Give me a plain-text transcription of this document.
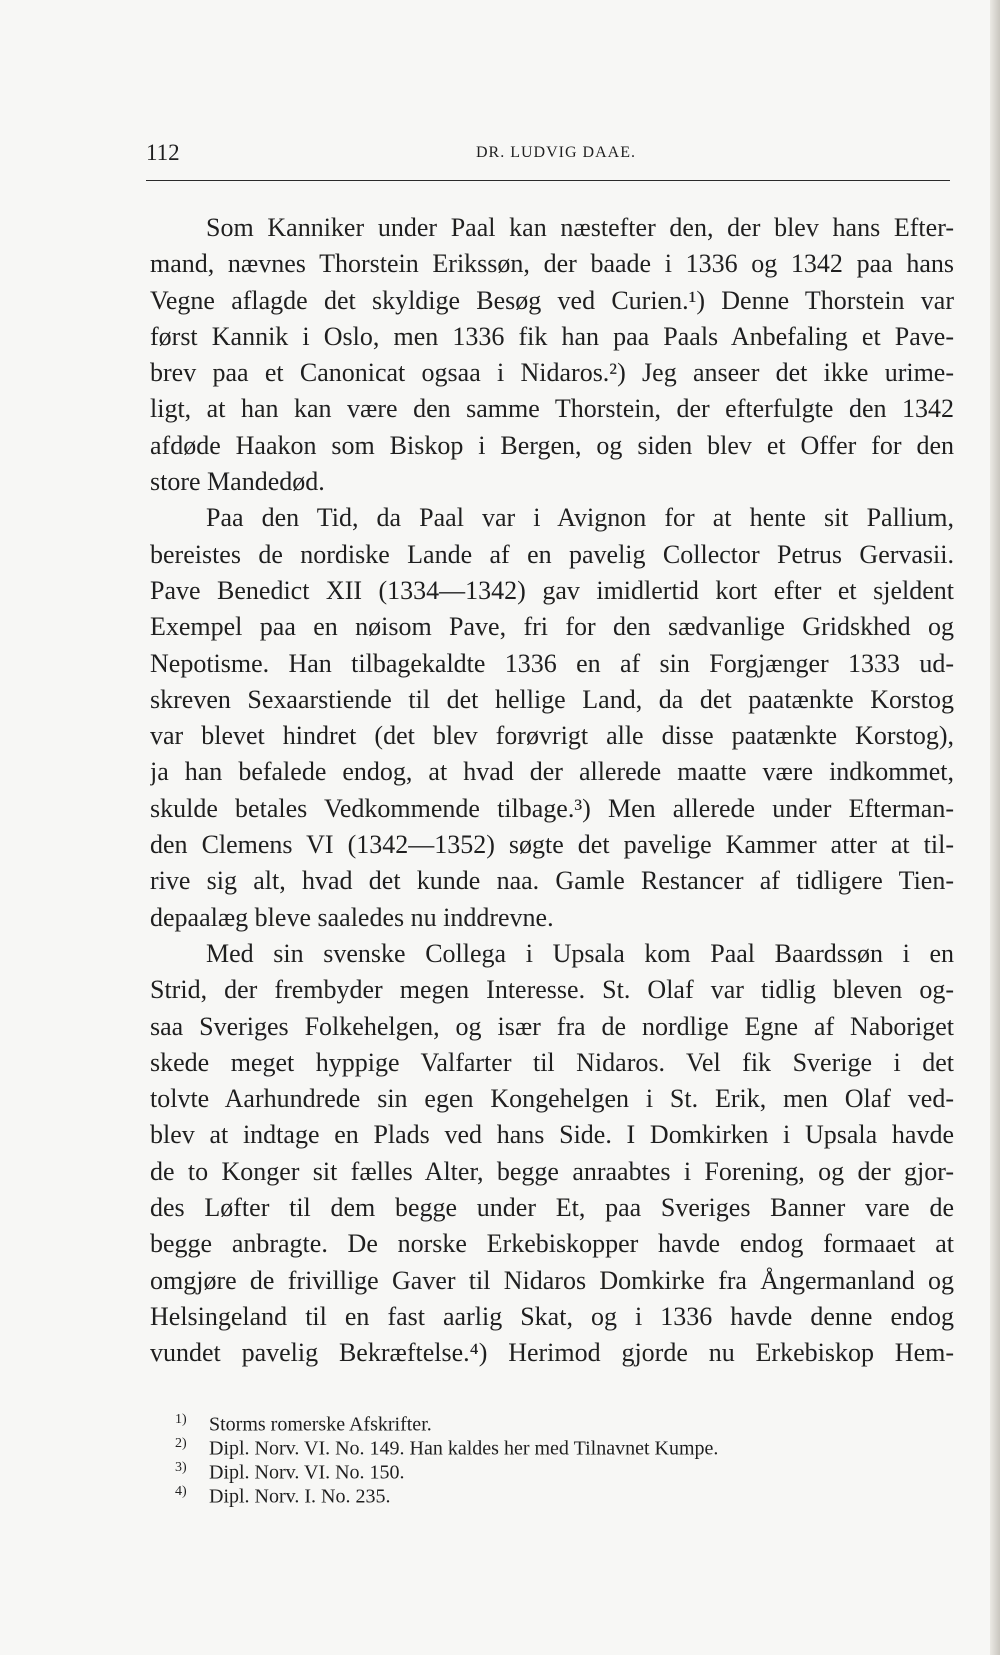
112	DR. LUDVIG DAAE.
Som Kanniker under Paal kan næstefter den, der blev hans Efter-
mand, nævnes Thorstein Erikssøn, der baade i 1336 og 1342 paa hans
Vegne aflagde det skyldige Besøg ved Curien.¹) Denne Thorstein var
først Kannik i Oslo, men 1336 fik han paa Paals Anbefaling et Pave-
brev paa et Canonicat ogsaa i Nidaros.²) Jeg anseer det ikke urime-
ligt, at han kan være den samme Thorstein, der efterfulgte den 1342
afdøde Haakon som Biskop i Bergen, og siden blev et Offer for den
store Mandedød.
Paa den Tid, da Paal var i Avignon for at hente sit Pallium,
bereistes de nordiske Lande af en pavelig Collector Petrus Gervasii.
Pave Benedict XII (1334—1342) gav imidlertid kort efter et sjeldent
Exempel paa en nøisom Pave, fri for den sædvanlige Gridskhed og
Nepotisme. Han tilbagekaldte 1336 en af sin Forgjænger 1333 ud-
skreven Sexaarstiende til det hellige Land, da det paatænkte Korstog
var blevet hindret (det blev forøvrigt alle disse paatænkte Korstog),
ja han befalede endog, at hvad der allerede maatte være indkommet,
skulde betales Vedkommende tilbage.³) Men allerede under Efterman-
den Clemens VI (1342—1352) søgte det pavelige Kammer atter at til-
rive sig alt, hvad det kunde naa. Gamle Restancer af tidligere Tien-
depaalæg bleve saaledes nu inddrevne.
Med sin svenske Collega i Upsala kom Paal Baardssøn i en
Strid, der frembyder megen Interesse. St. Olaf var tidlig bleven og-
saa Sveriges Folkehelgen, og især fra de nordlige Egne af Naboriget
skede meget hyppige Valfarter til Nidaros. Vel fik Sverige i det
tolvte Aarhundrede sin egen Kongehelgen i St. Erik, men Olaf ved-
blev at indtage en Plads ved hans Side. I Domkirken i Upsala havde
de to Konger sit fælles Alter, begge anraabtes i Forening, og der gjor-
des Løfter til dem begge under Et, paa Sveriges Banner vare de
begge anbragte. De norske Erkebiskopper havde endog formaaet at
omgjøre de frivillige Gaver til Nidaros Domkirke fra Ångermanland og
Helsingeland til en fast aarlig Skat, og i 1336 havde denne endog
vundet pavelig Bekræftelse.⁴) Herimod gjorde nu Erkebiskop Hem-
1) Storms romerske Afskrifter.
2) Dipl. Norv. VI. No. 149. Han kaldes her med Tilnavnet Kumpe.
3) Dipl. Norv. VI. No. 150.
4) Dipl. Norv. I. No. 235.
